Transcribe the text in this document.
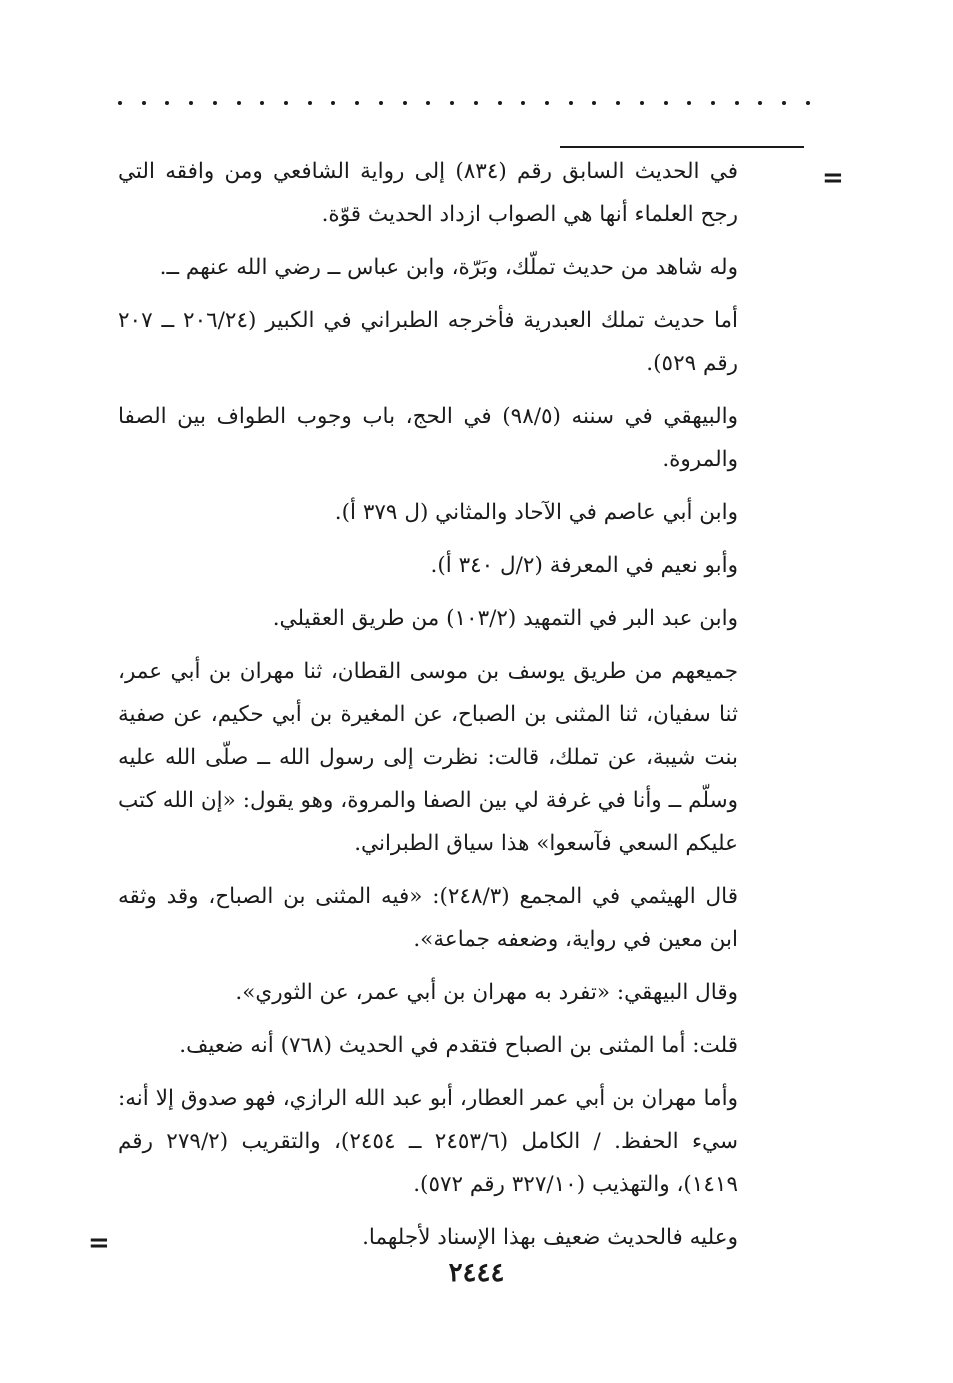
=

في الحديث السابق رقم (٨٣٤) إلى رواية الشافعي ومن وافقه التي رجح العلماء أنها هي الصواب ازداد الحديث قوّة.

وله شاهد من حديث تملّك، وبَرّة، وابن عباس ــ رضي الله عنهم ــ.

أما حديث تملك العبدرية فأخرجه الطبراني في الكبير (٢٠٦/٢٤ ــ ٢٠٧ رقم ٥٢٩).

والبيهقي في سننه (٩٨/٥) في الحج، باب وجوب الطواف بين الصفا والمروة.

وابن أبي عاصم في الآحاد والمثاني (ل ٣٧٩ أ).

وأبو نعيم في المعرفة (٢/ل ٣٤٠ أ).

وابن عبد البر في التمهيد (١٠٣/٢) من طريق العقيلي.

جميعهم من طريق يوسف بن موسى القطان، ثنا مهران بن أبي عمر، ثنا سفيان، ثنا المثنى بن الصباح، عن المغيرة بن أبي حكيم، عن صفية بنت شيبة، عن تملك، قالت: نظرت إلى رسول الله ــ صلّى الله عليه وسلّم ــ وأنا في غرفة لي بين الصفا والمروة، وهو يقول: «إن الله كتب عليكم السعي فآسعوا» هذا سياق الطبراني.

قال الهيثمي في المجمع (٢٤٨/٣): «فيه المثنى بن الصباح، وقد وثقه ابن معين في رواية، وضعفه جماعة».

وقال البيهقي: «تفرد به مهران بن أبي عمر، عن الثوري».

قلت: أما المثنى بن الصباح فتقدم في الحديث (٧٦٨) أنه ضعيف.

وأما مهران بن أبي عمر العطار، أبو عبد الله الرازي، فهو صدوق إلا أنه: سيء الحفظ. / الكامل (٢٤٥٣/٦ ــ ٢٤٥٤)، والتقريب (٢٧٩/٢ رقم ١٤١٩)، والتهذيب (٣٢٧/١٠ رقم ٥٧٢).

وعليه فالحديث ضعيف بهذا الإسناد لأجلهما.

=
٢٤٤٤
